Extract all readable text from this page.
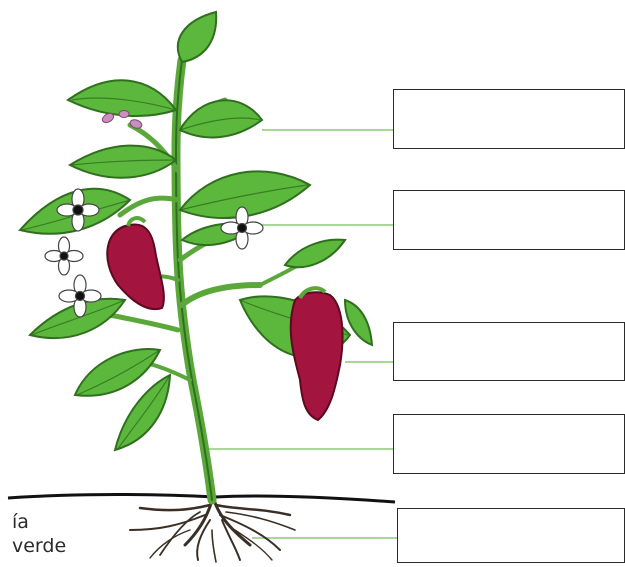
ía
verde
